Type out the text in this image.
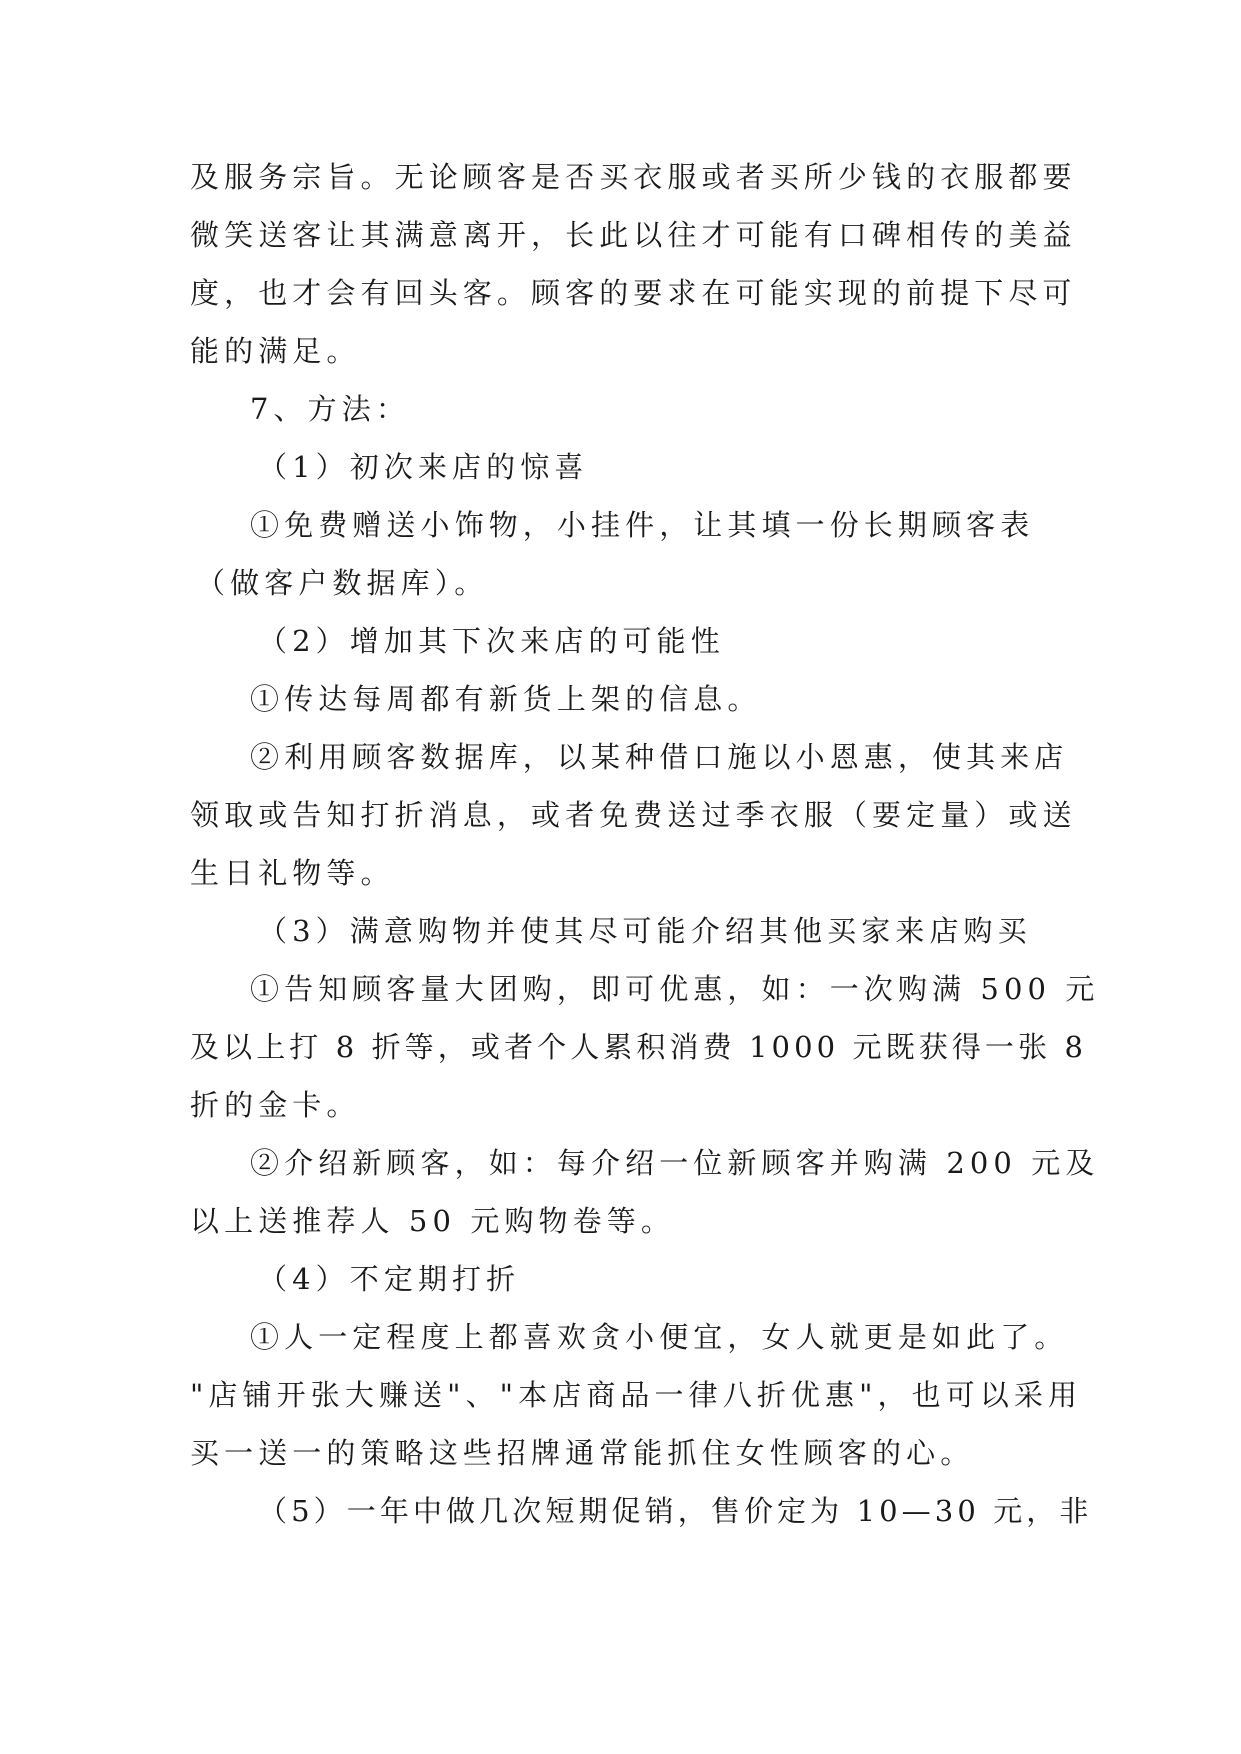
及服务宗旨。无论顾客是否买衣服或者买所少钱的衣服都要
微笑送客让其满意离开，长此以往才可能有口碑相传的美益
度，也才会有回头客。顾客的要求在可能实现的前提下尽可
能的满足。
7、方法：
（1）初次来店的惊喜
①免费赠送小饰物，小挂件，让其填一份长期顾客表
（做客户数据库）。
（2）增加其下次来店的可能性
①传达每周都有新货上架的信息。
②利用顾客数据库，以某种借口施以小恩惠，使其来店
领取或告知打折消息，或者免费送过季衣服（要定量）或送
生日礼物等。
（3）满意购物并使其尽可能介绍其他买家来店购买
①告知顾客量大团购，即可优惠，如：一次购满 500 元
及以上打 8 折等，或者个人累积消费 1000 元既获得一张 8
折的金卡。
②介绍新顾客，如：每介绍一位新顾客并购满 200 元及
以上送推荐人 50 元购物卷等。
（4）不定期打折
①人一定程度上都喜欢贪小便宜，女人就更是如此了。
"店铺开张大赚送"、"本店商品一律八折优惠"，也可以采用
买一送一的策略这些招牌通常能抓住女性顾客的心。
（5）一年中做几次短期促销，售价定为 10—30 元，非
